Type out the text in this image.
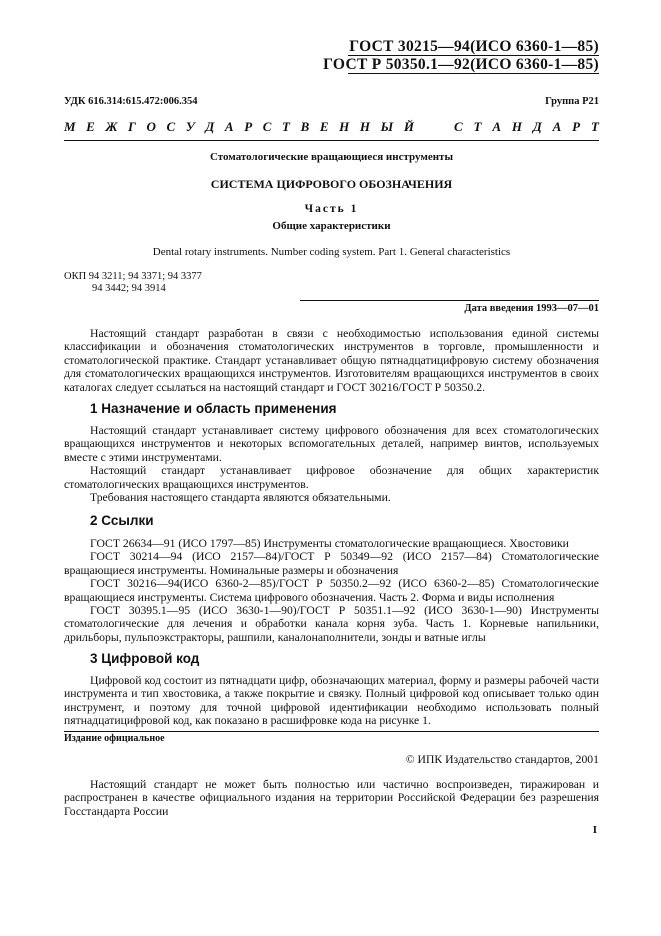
ГОСТ 30215—94(ИСО 6360-1—85)
ГОСТ Р 50350.1—92(ИСО 6360-1—85)
УДК 616.314:615.472:006.354	Группа Р21
М Е Ж Г О С У Д А Р С Т В Е Н Н Ы Й	С Т А Н Д А Р Т
Стоматологические вращающиеся инструменты
СИСТЕМА ЦИФРОВОГО ОБОЗНАЧЕНИЯ
Часть 1
Общие характеристики
Dental rotary instruments. Number coding system. Part 1. General characteristics
ОКП 94 3211; 94 3371; 94 3377
94 3442; 94 3914
Дата введения 1993—07—01

Настоящий стандарт разработан в связи с необходимостью использования единой системы классификации и обозначения стоматологических инструментов в торговле, промышленности и стоматологической практике. Стандарт устанавливает общую пятнадцатицифровую систему обозначения для стоматологических вращающихся инструментов. Изготовителям вращающихся инструментов в своих каталогах следует ссылаться на настоящий стандарт и ГОСТ 30216/ГОСТ Р 50350.2.

1 Назначение и область применения

Настоящий стандарт устанавливает систему цифрового обозначения для всех стоматологических вращающихся инструментов и некоторых вспомогательных деталей, например винтов, используемых вместе с этими инструментами.

Настоящий стандарт устанавливает цифровое обозначение для общих характеристик стоматологических вращающихся инструментов.

Требования настоящего стандарта являются обязательными.

2 Ссылки

ГОСТ 26634—91 (ИСО 1797—85) Инструменты стоматологические вращающиеся. Хвостовики

ГОСТ 30214—94 (ИСО 2157—84)/ГОСТ Р 50349—92 (ИСО 2157—84) Стоматологические вращающиеся инструменты. Номинальные размеры и обозначения

ГОСТ 30216—94(ИСО 6360-2—85)/ГОСТ Р 50350.2—92 (ИСО 6360-2—85) Стоматологические вращающиеся инструменты. Система цифрового обозначения. Часть 2. Форма и виды исполнения

ГОСТ 30395.1—95 (ИСО 3630-1—90)/ГОСТ Р 50351.1—92 (ИСО 3630-1—90) Инструменты стоматологические для лечения и обработки канала корня зуба. Часть 1. Корневые напильники, дрильборы, пульпоэкстракторы, рашпили, каналонаполнители, зонды и ватные иглы

3 Цифровой код

Цифровой код состоит из пятнадцати цифр, обозначающих материал, форму и размеры рабочей части инструмента и тип хвостовика, а также покрытие и связку. Полный цифровой код описывает только один инструмент, и поэтому для точной цифровой идентификации необходимо использовать полный пятнадцатицифровой код, как показано в расшифровке кода на рисунке 1.

Издание официальное
© ИПК Издательство стандартов, 2001

Настоящий стандарт не может быть полностью или частично воспроизведен, тиражирован и распространен в качестве официального издания на территории Российской Федерации без разрешения Госстандарта России

I
